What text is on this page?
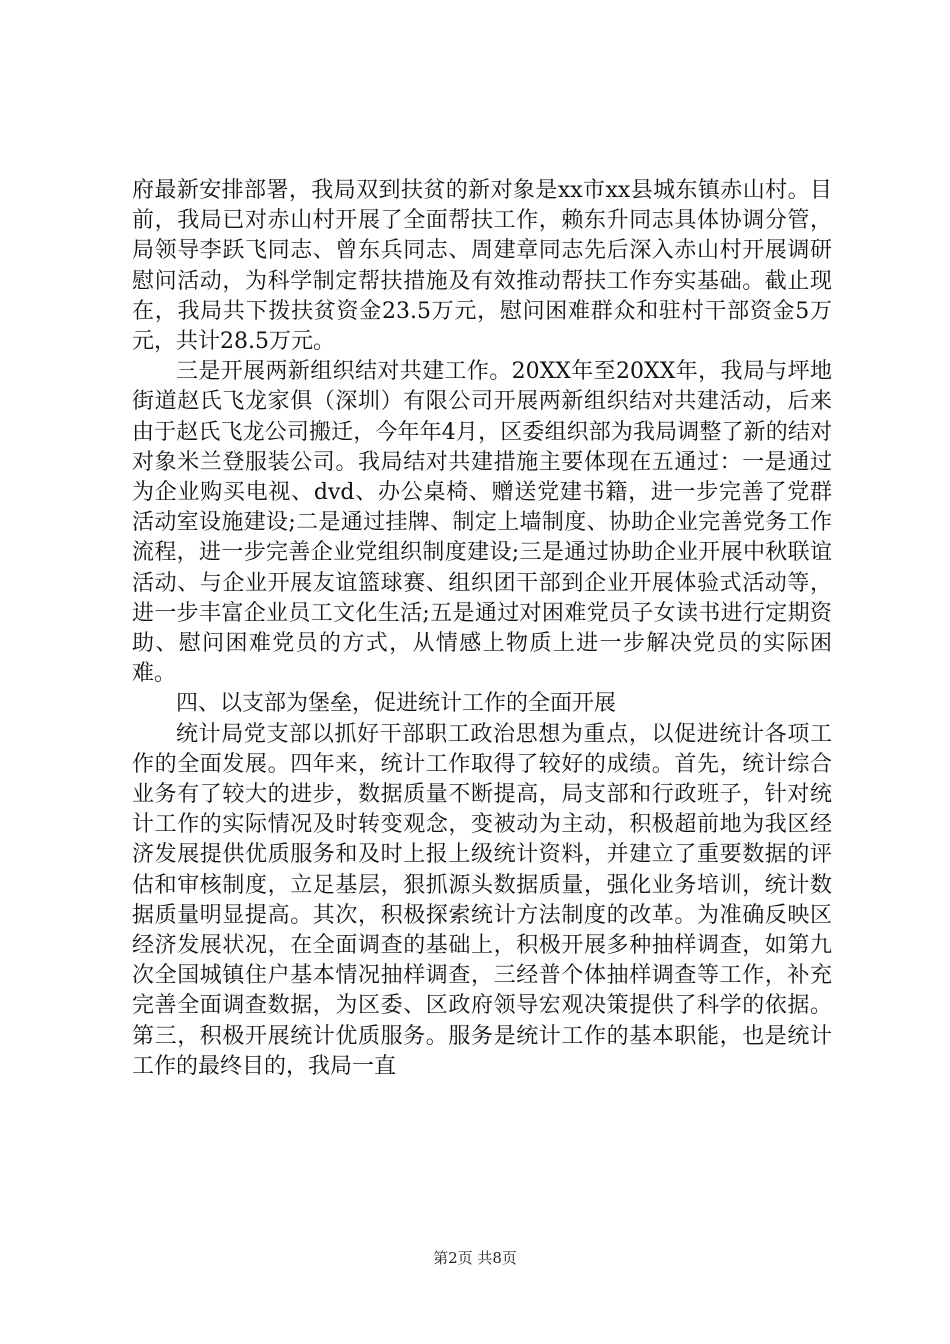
府最新安排部署，我局双到扶贫的新对象是xx市xx县城东镇赤山村。目前，我局已对赤山村开展了全面帮扶工作，赖东升同志具体协调分管，局领导李跃飞同志、曾东兵同志、周建章同志先后深入赤山村开展调研慰问活动，为科学制定帮扶措施及有效推动帮扶工作夯实基础。截止现在，我局共下拨扶贫资金23.5万元，慰问困难群众和驻村干部资金5万元，共计28.5万元。

三是开展两新组织结对共建工作。20XX年至20XX年，我局与坪地街道赵氏飞龙家俱（深圳）有限公司开展两新组织结对共建活动，后来由于赵氏飞龙公司搬迁，今年年4月，区委组织部为我局调整了新的结对对象米兰登服装公司。我局结对共建措施主要体现在五通过：一是通过为企业购买电视、dvd、办公桌椅、赠送党建书籍，进一步完善了党群活动室设施建设;二是通过挂牌、制定上墙制度、协助企业完善党务工作流程，进一步完善企业党组织制度建设;三是通过协助企业开展中秋联谊活动、与企业开展友谊篮球赛、组织团干部到企业开展体验式活动等，进一步丰富企业员工文化生活;五是通过对困难党员子女读书进行定期资助、慰问困难党员的方式，从情感上物质上进一步解决党员的实际困难。

四、以支部为堡垒，促进统计工作的全面开展

统计局党支部以抓好干部职工政治思想为重点，以促进统计各项工作的全面发展。四年来，统计工作取得了较好的成绩。首先，统计综合业务有了较大的进步，数据质量不断提高，局支部和行政班子，针对统计工作的实际情况及时转变观念，变被动为主动，积极超前地为我区经济发展提供优质服务和及时上报上级统计资料，并建立了重要数据的评估和审核制度，立足基层，狠抓源头数据质量，强化业务培训，统计数据质量明显提高。其次，积极探索统计方法制度的改革。为准确反映区经济发展状况，在全面调查的基础上，积极开展多种抽样调查，如第九次全国城镇住户基本情况抽样调查，三经普个体抽样调查等工作，补充完善全面调查数据，为区委、区政府领导宏观决策提供了科学的依据。第三，积极开展统计优质服务。服务是统计工作的基本职能，也是统计工作的最终目的，我局一直

第2页 共8页
